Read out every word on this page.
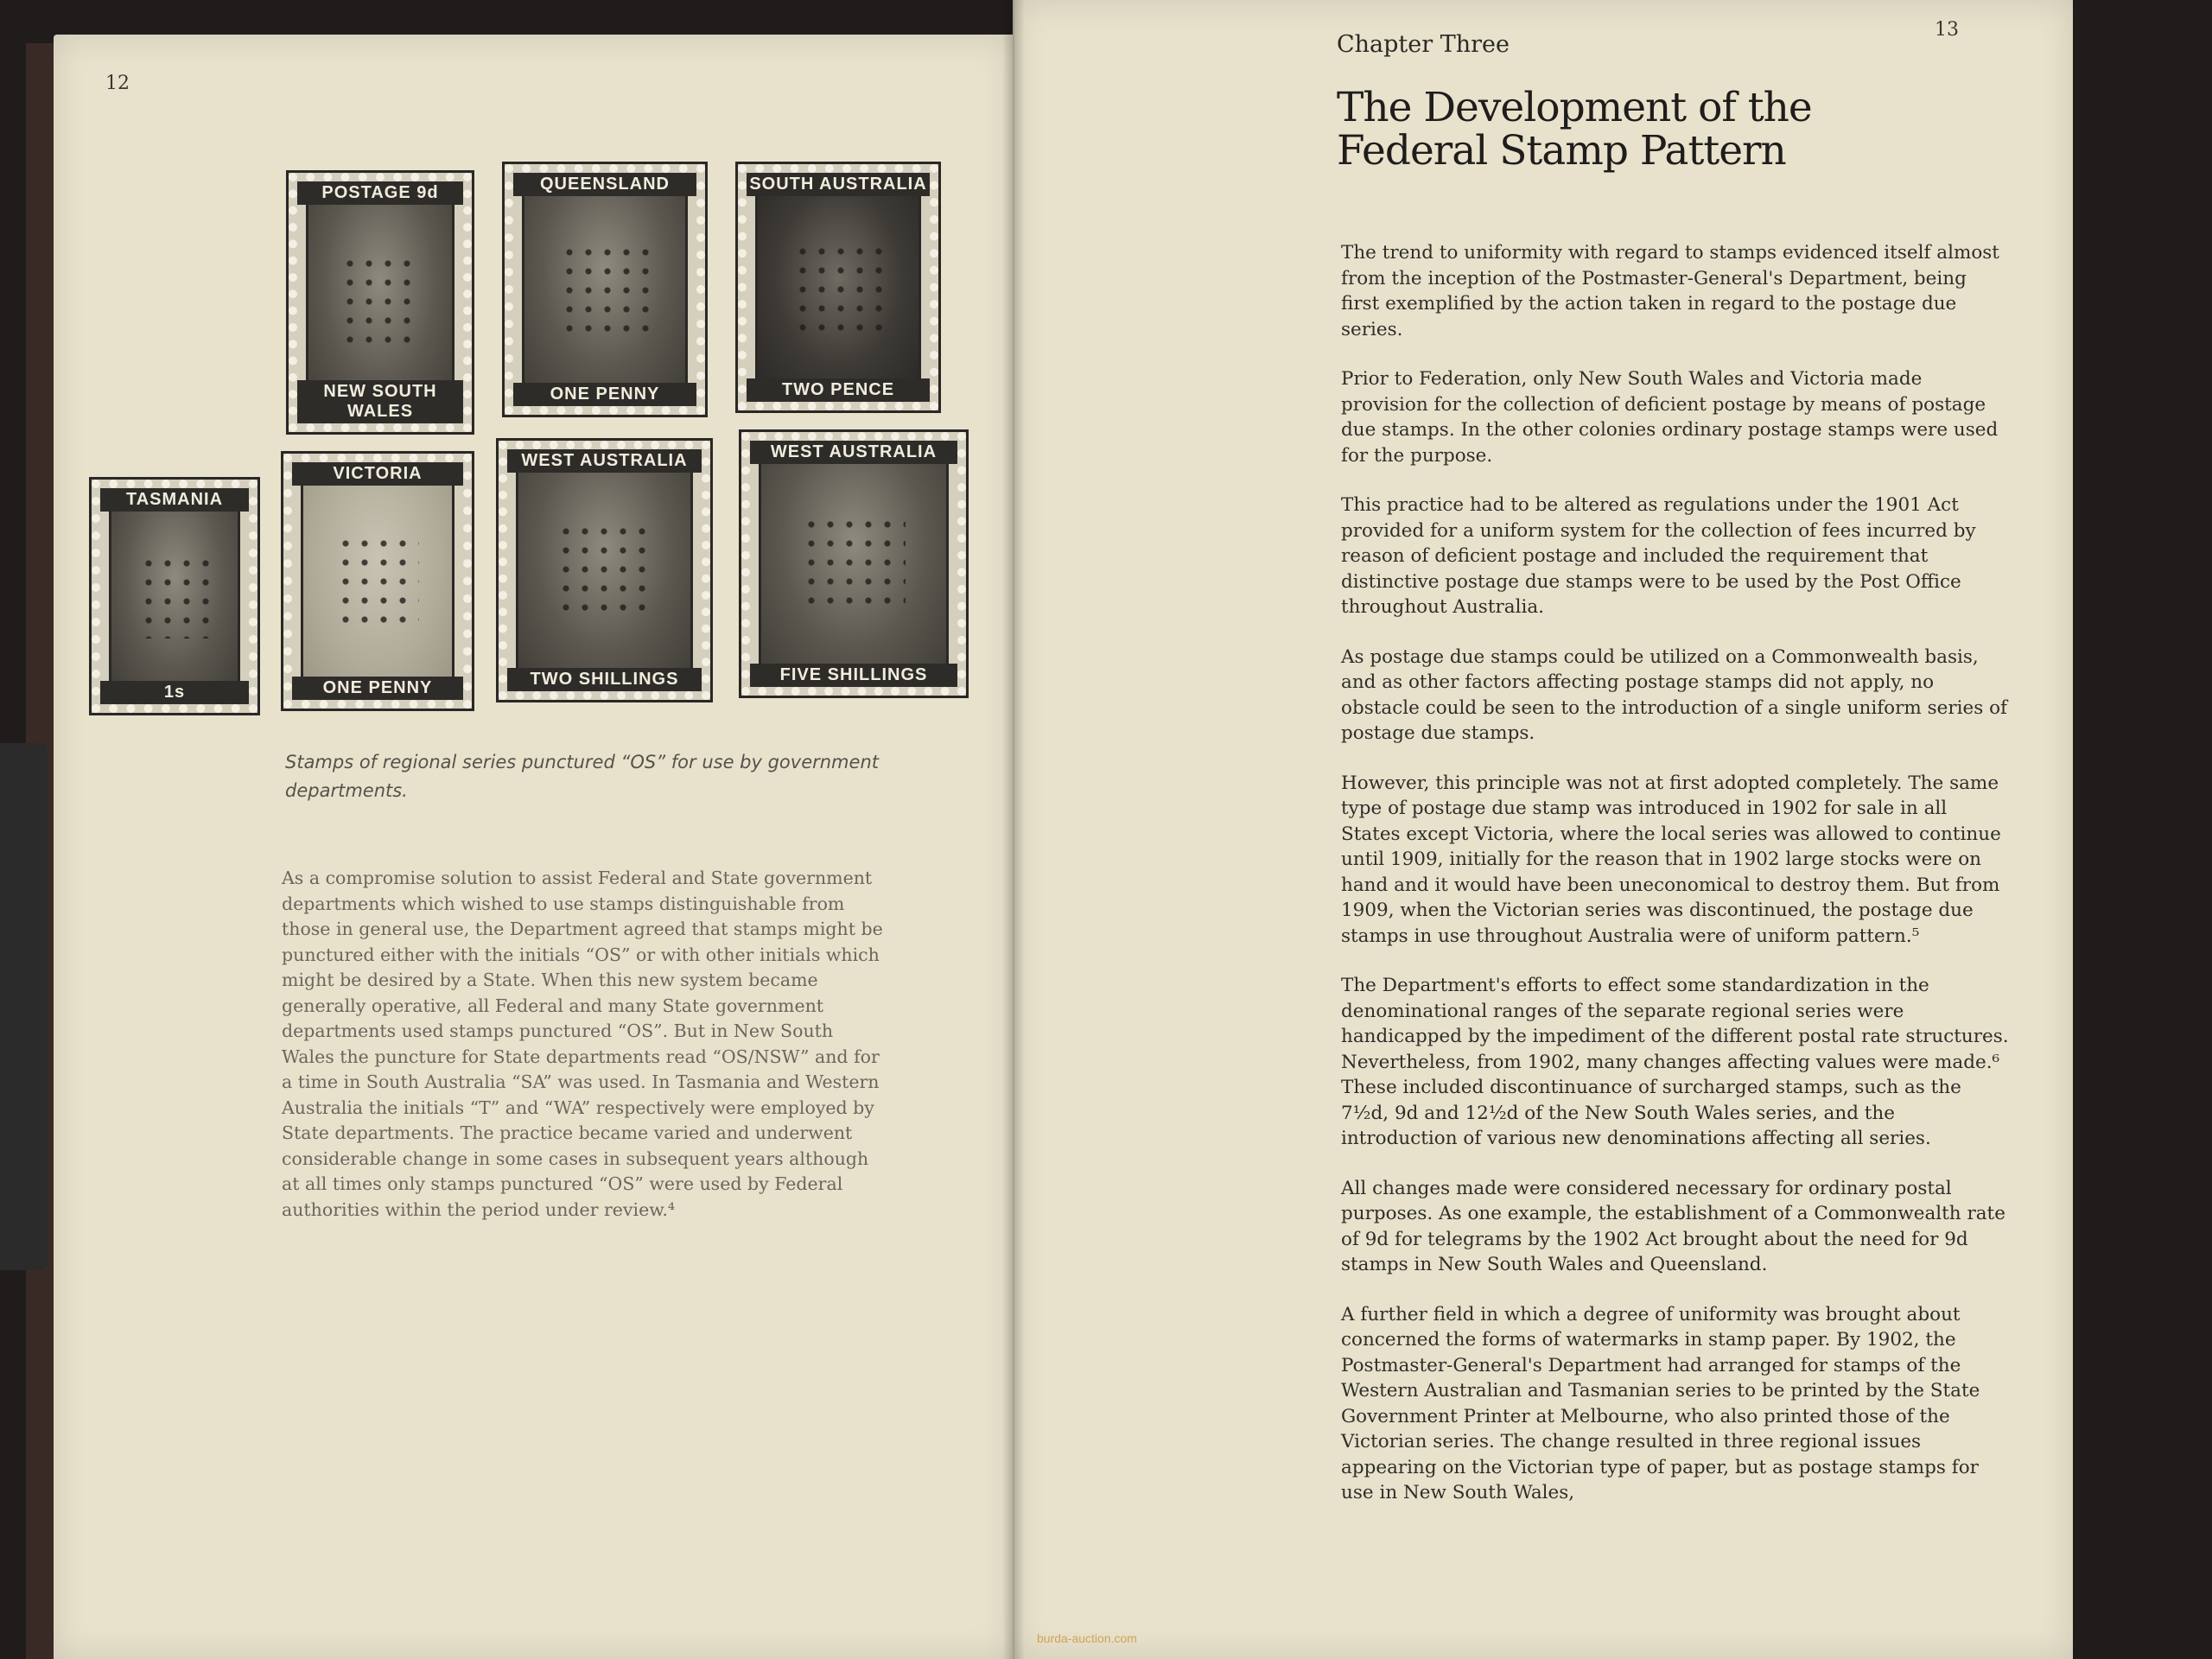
12
POSTAGE 9d
NEW SOUTH WALES
QUEENSLAND
ONE PENNY
SOUTH AUSTRALIA
TWO PENCE
TASMANIA
1s
VICTORIA
ONE PENNY
WEST AUSTRALIA
TWO SHILLINGS
WEST AUSTRALIA
FIVE SHILLINGS
Stamps of regional series punctured “OS” for use by government departments.
As a compromise solution to assist Federal and State government departments which wished to use stamps distinguishable from those in general use, the Department agreed that stamps might be punctured either with the initials “OS” or with other initials which might be desired by a State. When this new system became generally operative, all Federal and many State government departments used stamps punctured “OS”. But in New South Wales the puncture for State departments read “OS/NSW” and for a time in South Australia “SA” was used. In Tasmania and Western Australia the initials “T” and “WA” respectively were employed by State departments. The practice became varied and underwent considerable change in some cases in subsequent years although at all times only stamps punctured “OS” were used by Federal authorities within the period under review.⁴
13
Chapter Three
The Development of the Federal Stamp Pattern

The trend to uniformity with regard to stamps evidenced itself almost from the inception of the Postmaster-General's Department, being first exemplified by the action taken in regard to the postage due series.

Prior to Federation, only New South Wales and Victoria made provision for the collection of deficient postage by means of postage due stamps. In the other colonies ordinary postage stamps were used for the purpose.

This practice had to be altered as regulations under the 1901 Act provided for a uniform system for the collection of fees incurred by reason of deficient postage and included the requirement that distinctive postage due stamps were to be used by the Post Office throughout Australia.

As postage due stamps could be utilized on a Commonwealth basis, and as other factors affecting postage stamps did not apply, no obstacle could be seen to the introduction of a single uniform series of postage due stamps.

However, this principle was not at first adopted completely. The same type of postage due stamp was introduced in 1902 for sale in all States except Victoria, where the local series was allowed to continue until 1909, initially for the reason that in 1902 large stocks were on hand and it would have been uneconomical to destroy them. But from 1909, when the Victorian series was discontinued, the postage due stamps in use throughout Australia were of uniform pattern.⁵

The Department's efforts to effect some standardization in the denominational ranges of the separate regional series were handicapped by the impediment of the different postal rate structures. Nevertheless, from 1902, many changes affecting values were made.⁶ These included discontinuance of surcharged stamps, such as the 7½d, 9d and 12½d of the New South Wales series, and the introduction of various new denominations affecting all series.

All changes made were considered necessary for ordinary postal purposes. As one example, the establishment of a Commonwealth rate of 9d for telegrams by the 1902 Act brought about the need for 9d stamps in New South Wales and Queensland.

A further field in which a degree of uniformity was brought about concerned the forms of watermarks in stamp paper. By 1902, the Postmaster-General's Department had arranged for stamps of the Western Australian and Tasmanian series to be printed by the State Government Printer at Melbourne, who also printed those of the Victorian series. The change resulted in three regional issues appearing on the Victorian type of paper, but as postage stamps for use in New South Wales,

burda-auction.com
